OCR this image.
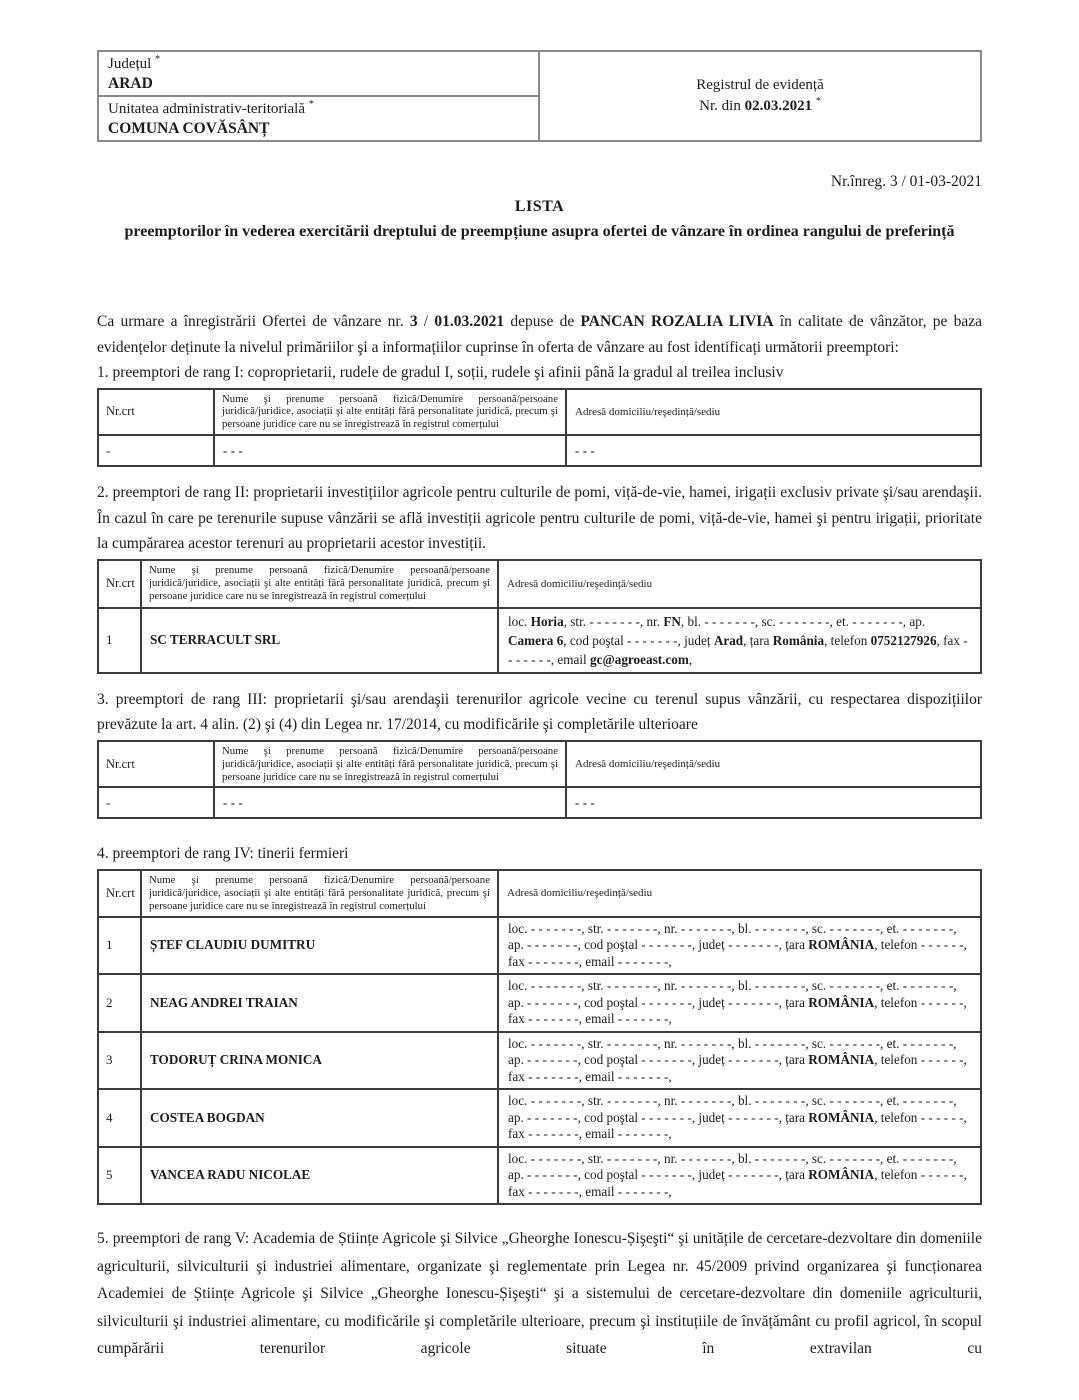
Județul *
ARAD
Unitatea administrativ-teritorială *
COMUNA COVĂSÂNȚ
Registrul de evidență
Nr. din 02.03.2021 *
Nr.înreg. 3 / 01-03-2021
LISTA
preemptorilor în vederea exercitării dreptului de preempțiune asupra ofertei de vânzare în ordinea rangului de preferință

Ca urmare a înregistrării Ofertei de vânzare nr. 3 / 01.03.2021 depuse de PANCAN ROZALIA LIVIA în calitate de vânzător, pe baza evidențelor deținute la nivelul primăriilor şi a informațiilor cuprinse în oferta de vânzare au fost identificați următorii preemptori:

1. preemptori de rang I: coproprietarii, rudele de gradul I, soții, rudele şi afinii până la gradul al treilea inclusiv

Nr.crt	Nume şi prenume persoană fizică/Denumire persoană/persoane juridică/juridice, asociații şi alte entități fără personalitate juridică, precum şi persoane juridice care nu se înregistrează în registrul comerțului	Adresă domiciliu/reşedință/sediu
-	- - -	- - -

2. preemptori de rang II: proprietarii investițiilor agricole pentru culturile de pomi, viță-de-vie, hamei, irigații exclusiv private şi/sau arendaşii. În cazul în care pe terenurile supuse vânzării se află investiții agricole pentru culturile de pomi, viță-de-vie, hamei şi pentru irigații, prioritate la cumpărarea acestor terenuri au proprietarii acestor investiții.

Nr.crt	Nume şi prenume persoană fizică/Denumire persoană/persoane juridică/juridice, asociații şi alte entități fără personalitate juridică, precum şi persoane juridice care nu se înregistrează în registrul comerțului	Adresă domiciliu/reşedință/sediu
1	SC TERRACULT SRL	loc. Horia, str. - - - - - - -, nr. FN, bl. - - - - - - -, sc. - - - - - - -, et. - - - - - - -, ap. Camera 6, cod poştal - - - - - - -, județ Arad, țara România, telefon 0752127926, fax - - - - - - -, email gc@agroeast.com,

3. preemptori de rang III: proprietarii şi/sau arendaşii terenurilor agricole vecine cu terenul supus vânzării, cu respectarea dispozițiilor prevăzute la art. 4 alin. (2) şi (4) din Legea nr. 17/2014, cu modificările şi completările ulterioare

Nr.crt	Nume şi prenume persoană fizică/Denumire persoană/persoane juridică/juridice, asociații şi alte entități fără personalitate juridică, precum şi persoane juridice care nu se înregistrează în registrul comerțului	Adresă domiciliu/reşedință/sediu
-	- - -	- - -

4. preemptori de rang IV: tinerii fermieri

Nr.crt	Nume şi prenume persoană fizică/Denumire persoană/persoane juridică/juridice, asociații şi alte entități fără personalitate juridică, precum şi persoane juridice care nu se înregistrează în registrul comerțului	Adresă domiciliu/reşedință/sediu
1	ȘTEF CLAUDIU DUMITRU	loc. - - - - - - -, str. - - - - - - -, nr. - - - - - - -, bl. - - - - - - -, sc. - - - - - - -, et. - - - - - - -, ap. - - - - - - -, cod poştal - - - - - - -, județ - - - - - - -, țara ROMÂNIA, telefon - - - - - -, fax - - - - - - -, email - - - - - - -,
2	NEAG ANDREI TRAIAN	loc. - - - - - - -, str. - - - - - - -, nr. - - - - - - -, bl. - - - - - - -, sc. - - - - - - -, et. - - - - - - -, ap. - - - - - - -, cod poştal - - - - - - -, județ - - - - - - -, țara ROMÂNIA, telefon - - - - - -, fax - - - - - - -, email - - - - - - -,
3	TODORUȚ CRINA MONICA	loc. - - - - - - -, str. - - - - - - -, nr. - - - - - - -, bl. - - - - - - -, sc. - - - - - - -, et. - - - - - - -, ap. - - - - - - -, cod poştal - - - - - - -, județ - - - - - - -, țara ROMÂNIA, telefon - - - - - -, fax - - - - - - -, email - - - - - - -,
4	COSTEA BOGDAN	loc. - - - - - - -, str. - - - - - - -, nr. - - - - - - -, bl. - - - - - - -, sc. - - - - - - -, et. - - - - - - -, ap. - - - - - - -, cod poştal - - - - - - -, județ - - - - - - -, țara ROMÂNIA, telefon - - - - - -, fax - - - - - - -, email - - - - - - -,
5	VANCEA RADU NICOLAE	loc. - - - - - - -, str. - - - - - - -, nr. - - - - - - -, bl. - - - - - - -, sc. - - - - - - -, et. - - - - - - -, ap. - - - - - - -, cod poştal - - - - - - -, județ - - - - - - -, țara ROMÂNIA, telefon - - - - - -, fax - - - - - - -, email - - - - - - -,

5. preemptori de rang V: Academia de Științe Agricole şi Silvice „Gheorghe Ionescu-Șişeşti“ şi unitățile de cercetare-dezvoltare din domeniile agriculturii, silviculturii şi industriei alimentare, organizate şi reglementate prin Legea nr. 45/2009 privind organizarea şi funcționarea Academiei de Științe Agricole şi Silvice „Gheorghe Ionescu-Șişeşti“ şi a sistemului de cercetare-dezvoltare din domeniile agriculturii, silviculturii şi industriei alimentare, cu modificările şi completările ulterioare, precum şi instituțiile de învățământ cu profil agricol, în scopul cumpărării terenurilor agricole situate în extravilan cu
